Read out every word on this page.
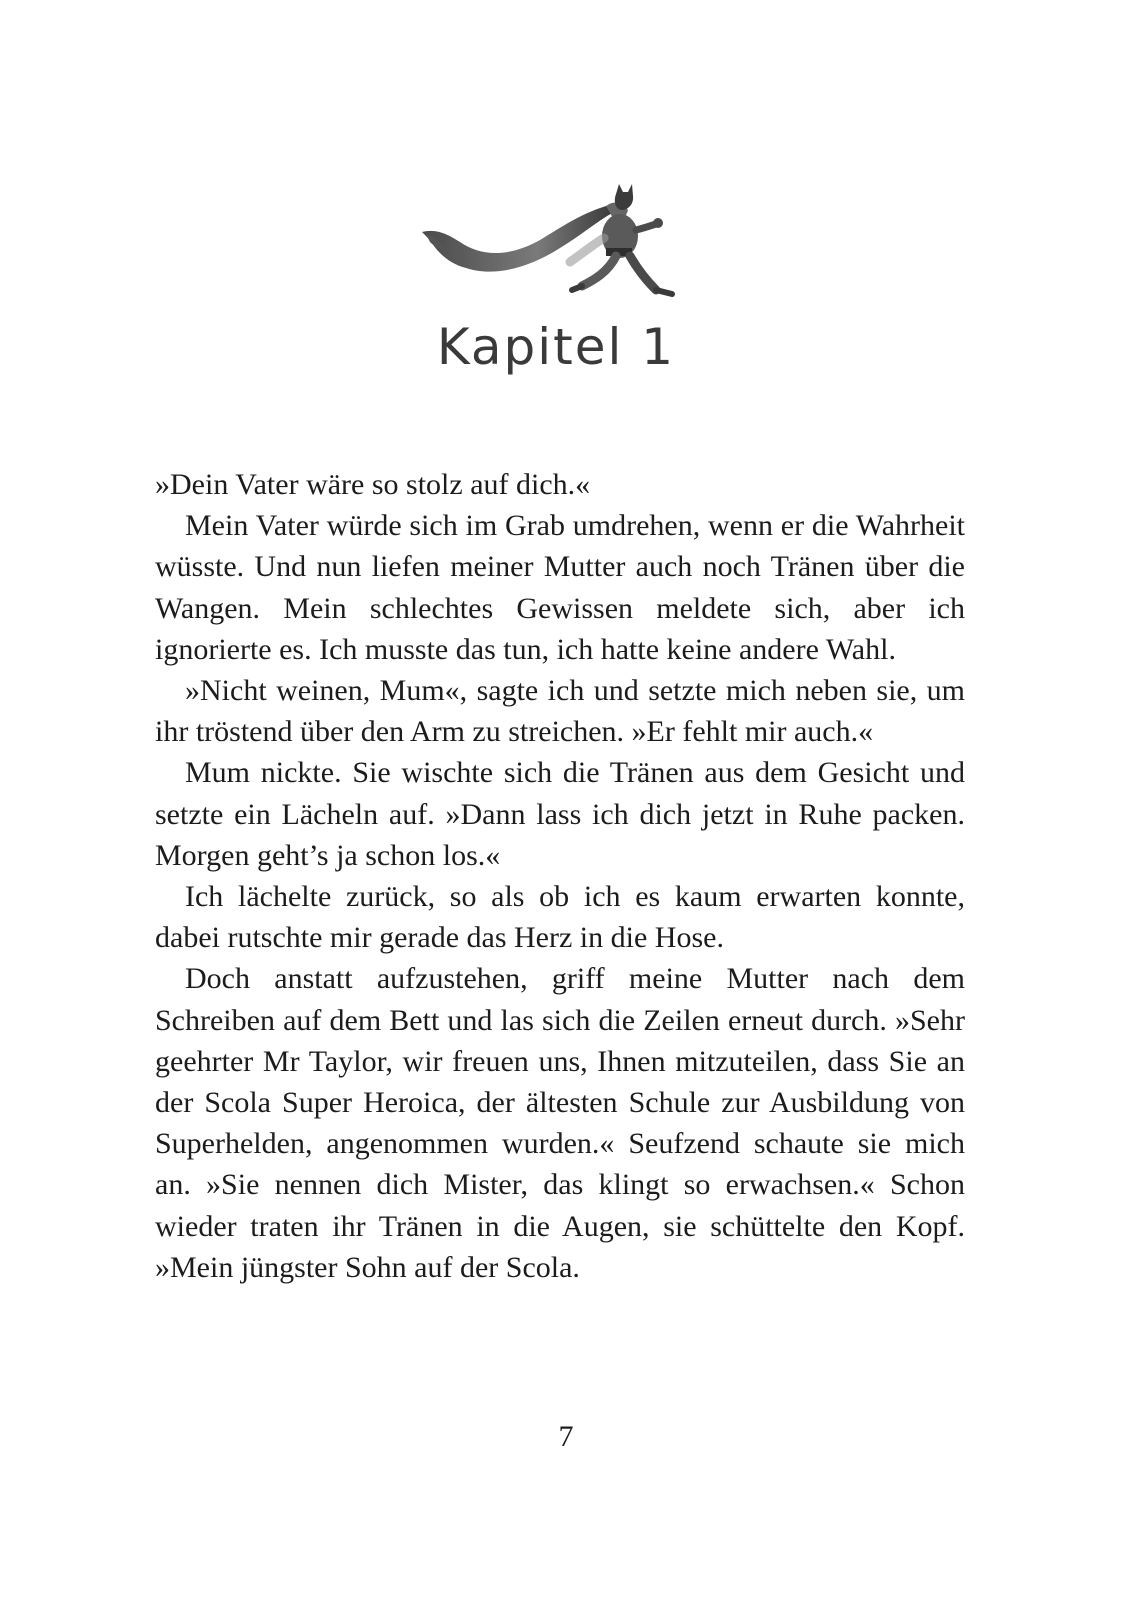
Kapitel 1

»Dein Vater wäre so stolz auf dich.«

Mein Vater würde sich im Grab umdrehen, wenn er die Wahrheit wüsste. Und nun liefen meiner Mutter auch noch Tränen über die Wangen. Mein schlechtes Gewissen meldete sich, aber ich ignorierte es. Ich musste das tun, ich hatte keine andere Wahl.

»Nicht weinen, Mum«, sagte ich und setzte mich neben sie, um ihr tröstend über den Arm zu streichen. »Er fehlt mir auch.«

Mum nickte. Sie wischte sich die Tränen aus dem Gesicht und setzte ein Lächeln auf. »Dann lass ich dich jetzt in Ruhe packen. Morgen geht’s ja schon los.«

Ich lächelte zurück, so als ob ich es kaum erwarten konnte, dabei rutschte mir gerade das Herz in die Hose.

Doch anstatt aufzustehen, griff meine Mutter nach dem Schreiben auf dem Bett und las sich die Zeilen erneut durch. »Sehr geehrter Mr Taylor, wir freuen uns, Ihnen mitzuteilen, dass Sie an der Scola Super Heroica, der ältesten Schule zur Ausbildung von Superhelden, angenommen wurden.« Seufzend schaute sie mich an. »Sie nennen dich Mister, das klingt so erwachsen.« Schon wieder traten ihr Tränen in die Augen, sie schüttelte den Kopf. »Mein jüngster Sohn auf der Scola.

7
